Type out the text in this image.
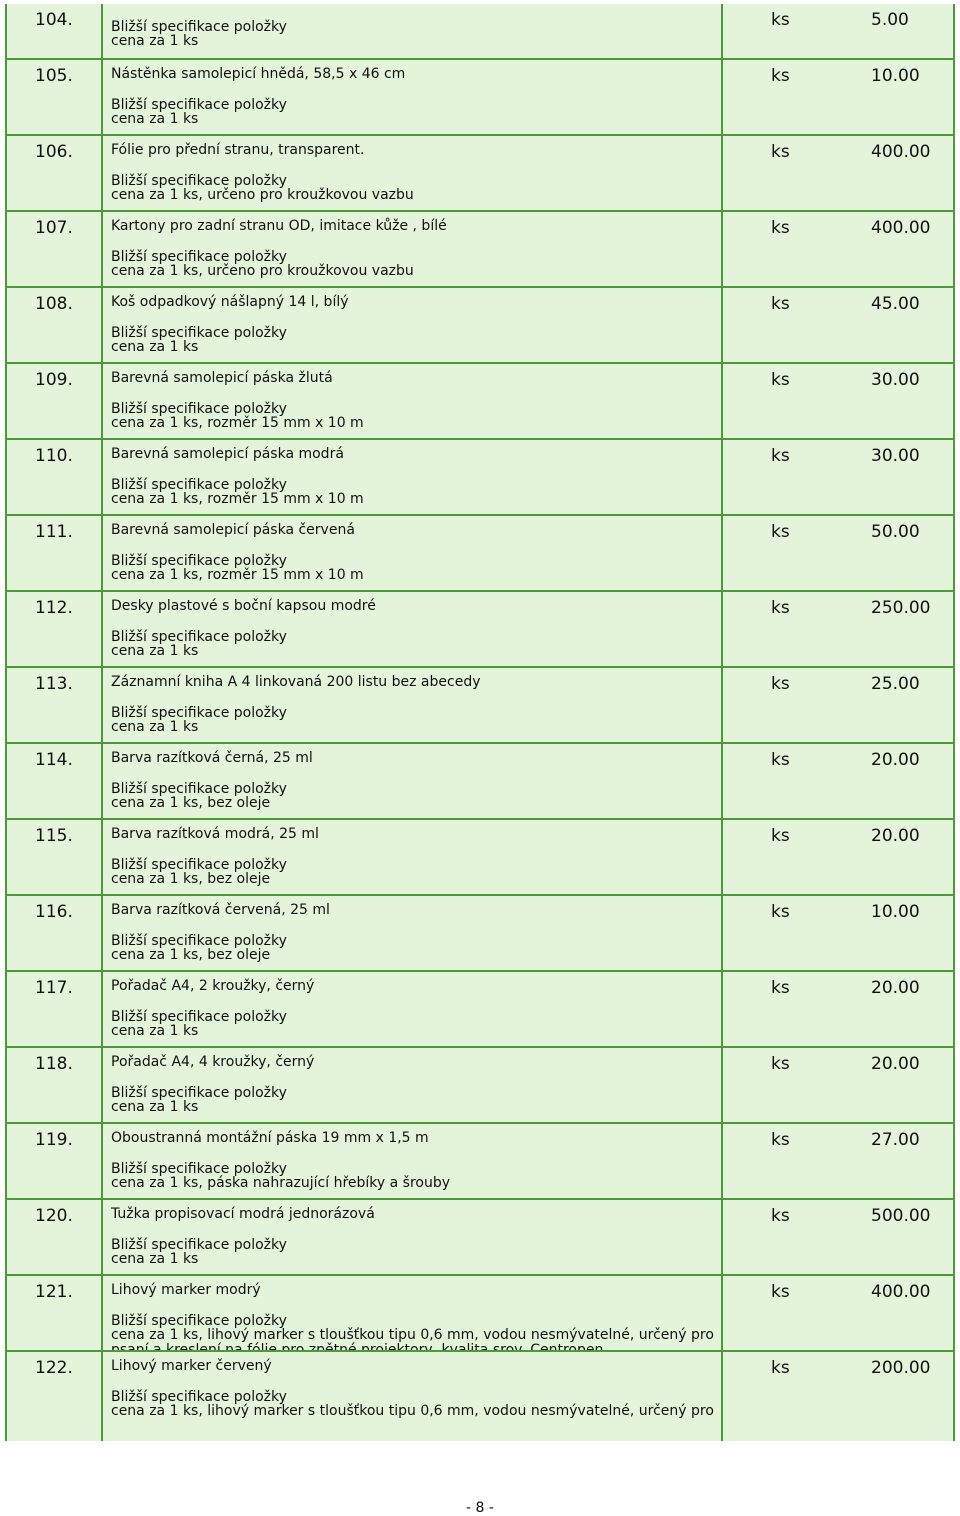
104.	Bližší specifikace položky
cena za 1 ks
ks	5.00
105.	Nástěnka samolepicí hnědá, 58,5 x 46 cm
Bližší specifikace položky
cena za 1 ks
ks	10.00
106.	Fólie pro přední stranu, transparent.
Bližší specifikace položky
cena za 1 ks, určeno pro kroužkovou vazbu
ks	400.00
107.	Kartony pro zadní stranu OD, imitace kůže , bílé
Bližší specifikace položky
cena za 1 ks, určeno pro kroužkovou vazbu
ks	400.00
108.	Koš odpadkový nášlapný 14 l, bílý
Bližší specifikace položky
cena za 1 ks
ks	45.00
109.	Barevná samolepicí páska žlutá
Bližší specifikace položky
cena za 1 ks, rozměr 15 mm x 10 m
ks	30.00
110.	Barevná samolepicí páska modrá
Bližší specifikace položky
cena za 1 ks, rozměr 15 mm x 10 m
ks	30.00
111.	Barevná samolepicí páska červená
Bližší specifikace položky
cena za 1 ks, rozměr 15 mm x 10 m
ks	50.00
112.	Desky plastové s boční kapsou modré
Bližší specifikace položky
cena za 1 ks
ks	250.00
113.	Záznamní kniha A 4 linkovaná 200 listu bez abecedy
Bližší specifikace položky
cena za 1 ks
ks	25.00
114.	Barva razítková černá, 25 ml
Bližší specifikace položky
cena za 1 ks, bez oleje
ks	20.00
115.	Barva razítková modrá, 25 ml
Bližší specifikace položky
cena za 1 ks, bez oleje
ks	20.00
116.	Barva razítková červená, 25 ml
Bližší specifikace položky
cena za 1 ks, bez oleje
ks	10.00
117.	Pořadač A4, 2 kroužky, černý
Bližší specifikace položky
cena za 1 ks
ks	20.00
118.	Pořadač A4, 4 kroužky, černý
Bližší specifikace položky
cena za 1 ks
ks	20.00
119.	Oboustranná montážní páska 19 mm x 1,5 m
Bližší specifikace položky
cena za 1 ks, páska nahrazující hřebíky a šrouby
ks	27.00
120.	Tužka propisovací modrá jednorázová
Bližší specifikace položky
cena za 1 ks
ks	500.00
121.	Lihový marker modrý
Bližší specifikace položky
cena za 1 ks, lihový marker s tloušťkou tipu 0,6 mm, vodou nesmývatelné, určený pro
ks	400.00
122.	Lihový marker červený
Bližší specifikace položky
cena za 1 ks, lihový marker s tloušťkou tipu 0,6 mm, vodou nesmývatelné, určený pro
ks	200.00
- 8 -
